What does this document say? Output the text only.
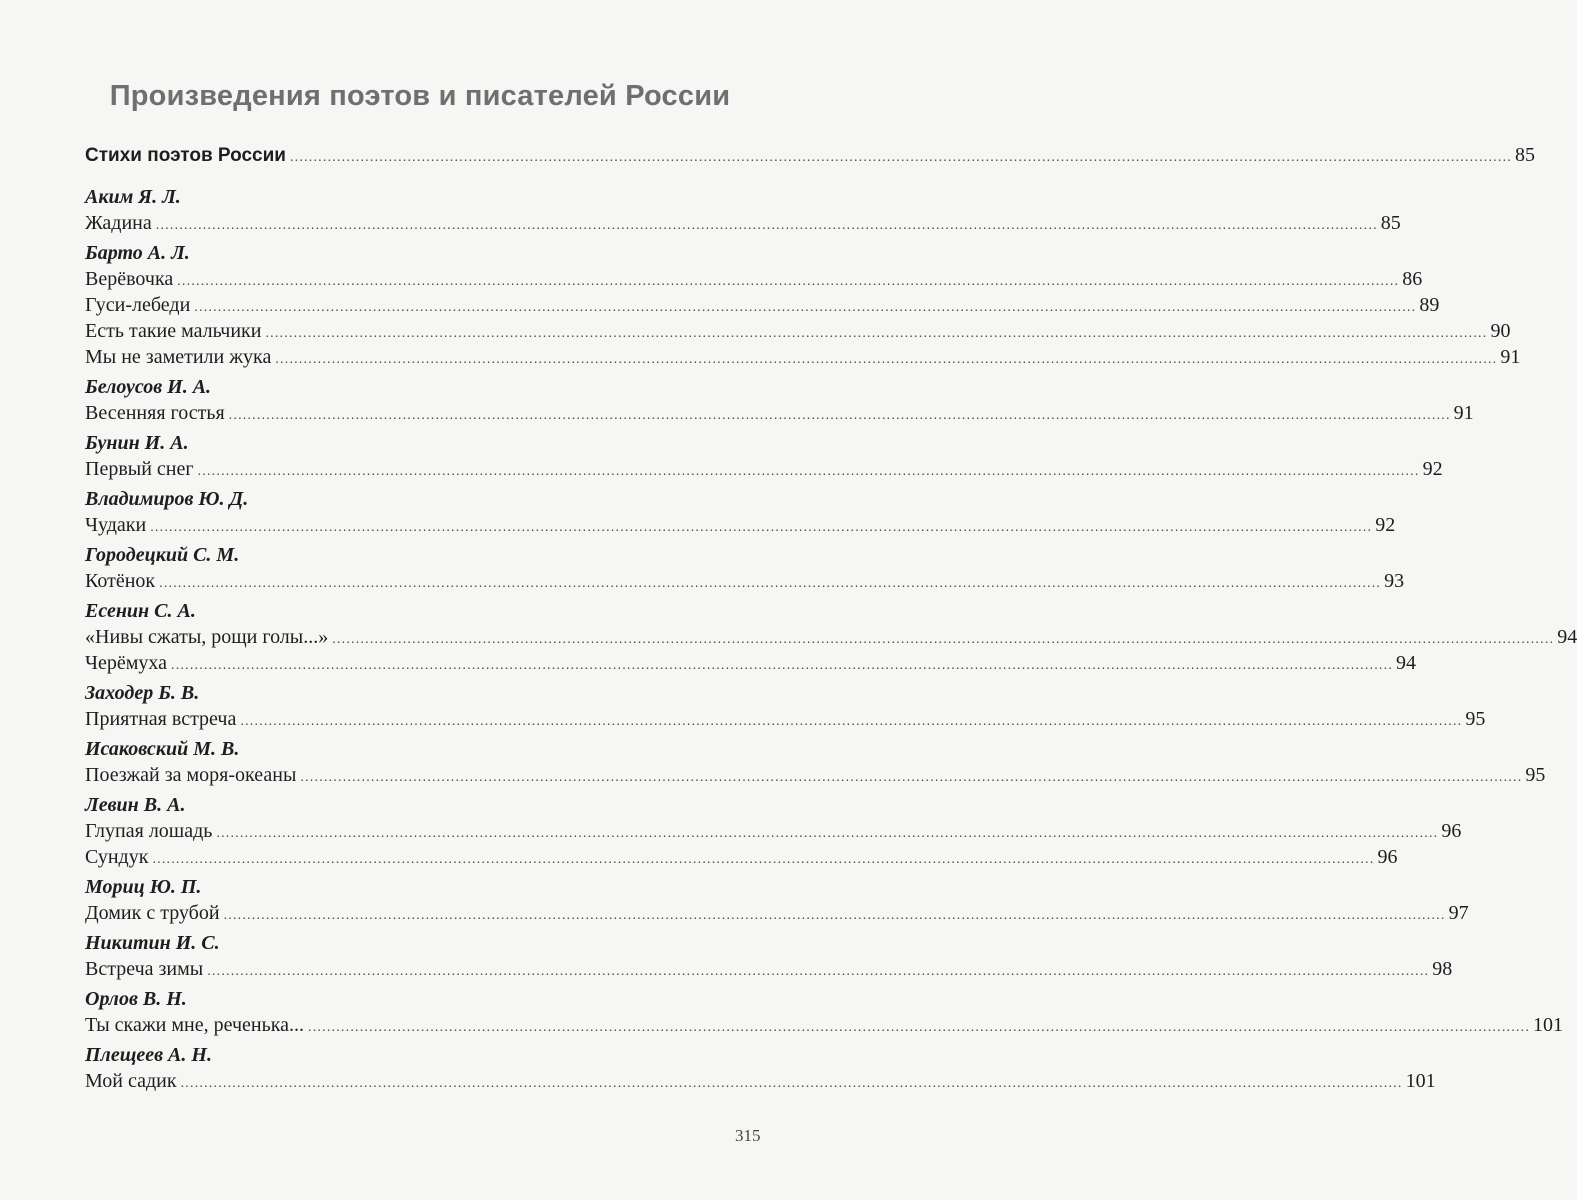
Произведения поэтов и писателей России
Стихи поэтов России .................................................................................................................................................................................................................................................................... 85
Аким Я. Л.
Жадина .................................................................................................................................................................................................................................................................... 85
Барто А. Л.
Верёвочка .................................................................................................................................................................................................................................................................... 86
Гуси-лебеди .................................................................................................................................................................................................................................................................... 89
Есть такие мальчики .................................................................................................................................................................................................................................................................... 90
Мы не заметили жука .................................................................................................................................................................................................................................................................... 91
Белоусов И. А.
Весенняя гостья .................................................................................................................................................................................................................................................................... 91
Бунин И. А.
Первый снег .................................................................................................................................................................................................................................................................... 92
Владимиров Ю. Д.
Чудаки .................................................................................................................................................................................................................................................................... 92
Городецкий С. М.
Котёнок .................................................................................................................................................................................................................................................................... 93
Есенин С. А.
«Нивы сжаты, рощи голы...» .................................................................................................................................................................................................................................................................... 94
Черёмуха .................................................................................................................................................................................................................................................................... 94
Заходер Б. В.
Приятная встреча .................................................................................................................................................................................................................................................................... 95
Исаковский М. В.
Поезжай за моря-океаны .................................................................................................................................................................................................................................................................... 95
Левин В. А.
Глупая лошадь .................................................................................................................................................................................................................................................................... 96
Сундук .................................................................................................................................................................................................................................................................... 96
Мориц Ю. П.
Домик с трубой .................................................................................................................................................................................................................................................................... 97
Никитин И. С.
Встреча зимы .................................................................................................................................................................................................................................................................... 98
Орлов В. Н.
Ты скажи мне, реченька... .................................................................................................................................................................................................................................................................... 101
Плещеев А. Н.
Мой садик .................................................................................................................................................................................................................................................................... 101
315
